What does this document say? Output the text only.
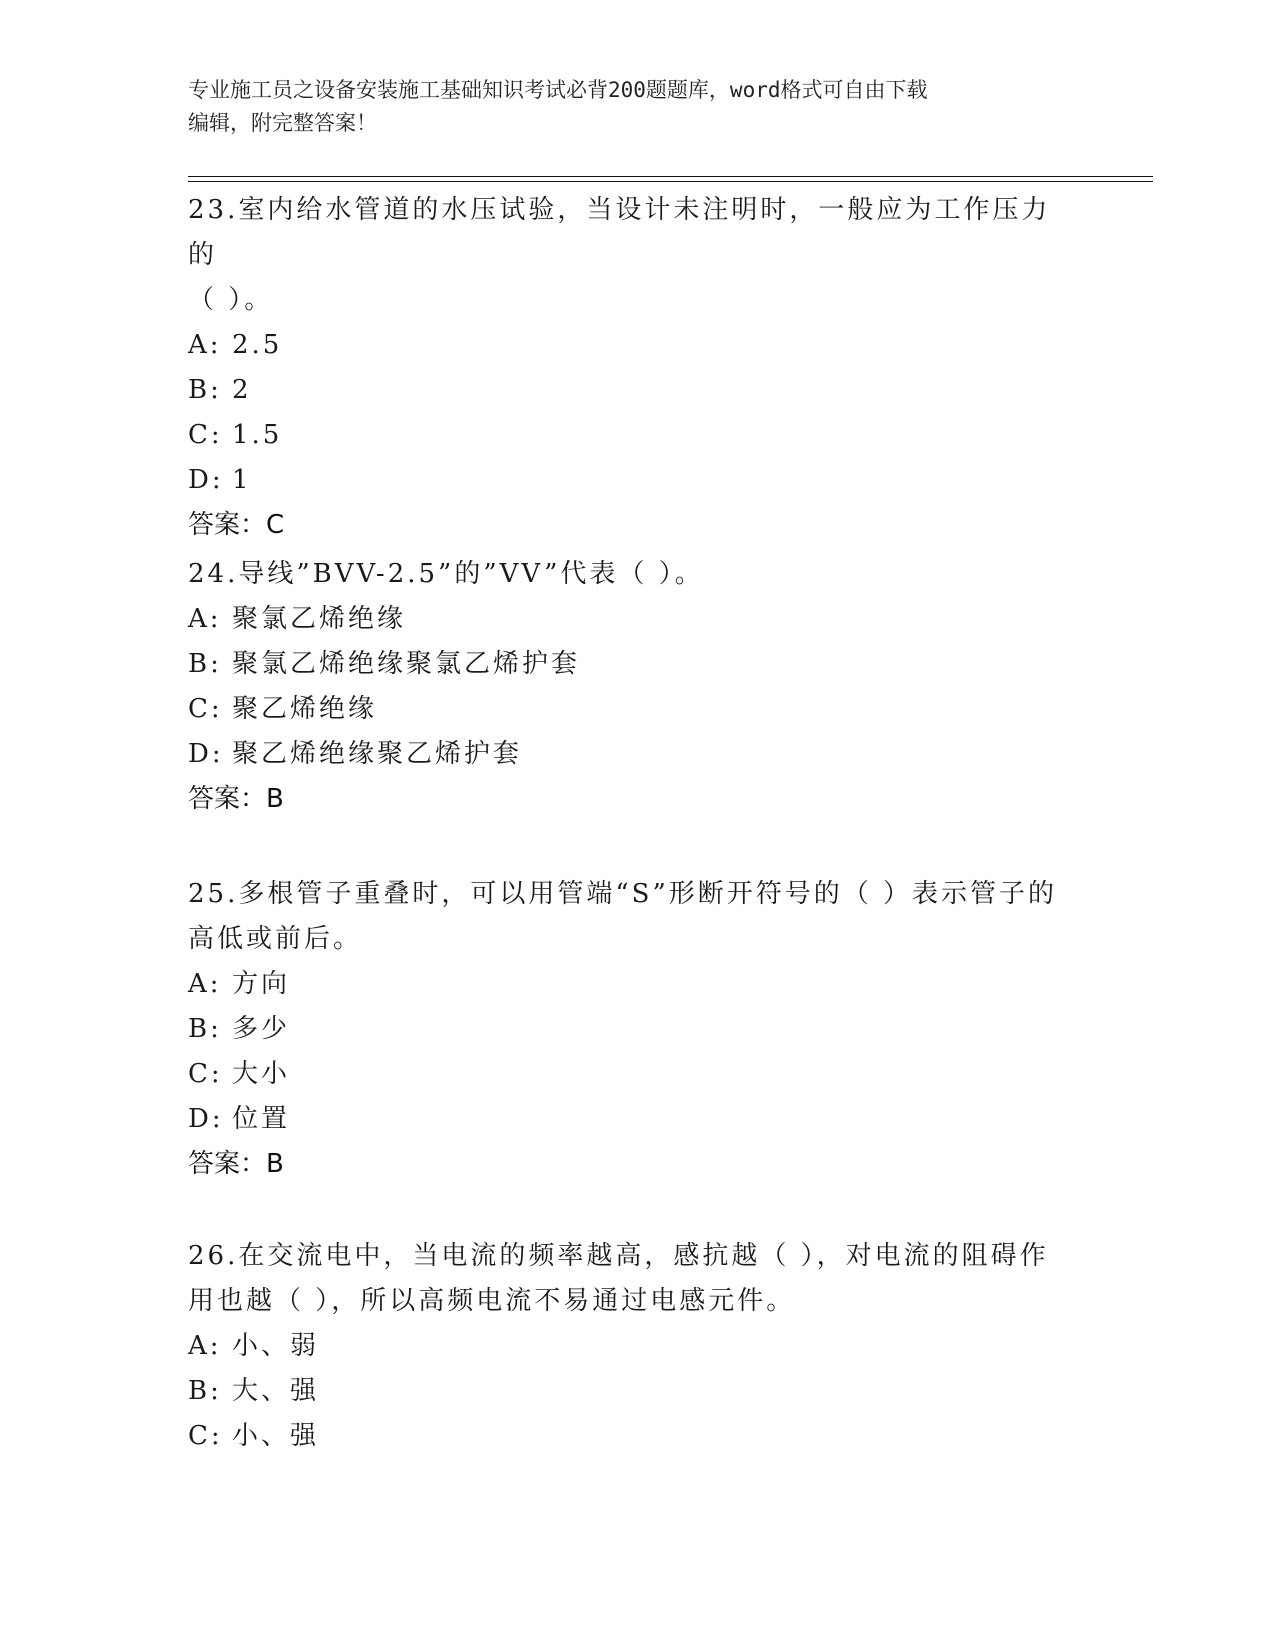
专业施工员之设备安装施工基础知识考试必背200题题库，word格式可自由下载
编辑，附完整答案！

23.室内给水管道的水压试验，当设计未注明时，一般应为工作压力的

（ ）。

A: 2.5

B: 2

C: 1.5

D: 1

答案：C

24.导线”BVV-2.5”的”VV”代表（ ）。

A: 聚氯乙烯绝缘

B: 聚氯乙烯绝缘聚氯乙烯护套

C: 聚乙烯绝缘

D: 聚乙烯绝缘聚乙烯护套

答案：B

25.多根管子重叠时，可以用管端“S”形断开符号的（ ）表示管子的

高低或前后。

A: 方向

B: 多少

C: 大小

D: 位置

答案：B

26.在交流电中，当电流的频率越高，感抗越（ ），对电流的阻碍作

用也越（ ），所以高频电流不易通过电感元件。

A: 小、弱

B: 大、强

C: 小、强
